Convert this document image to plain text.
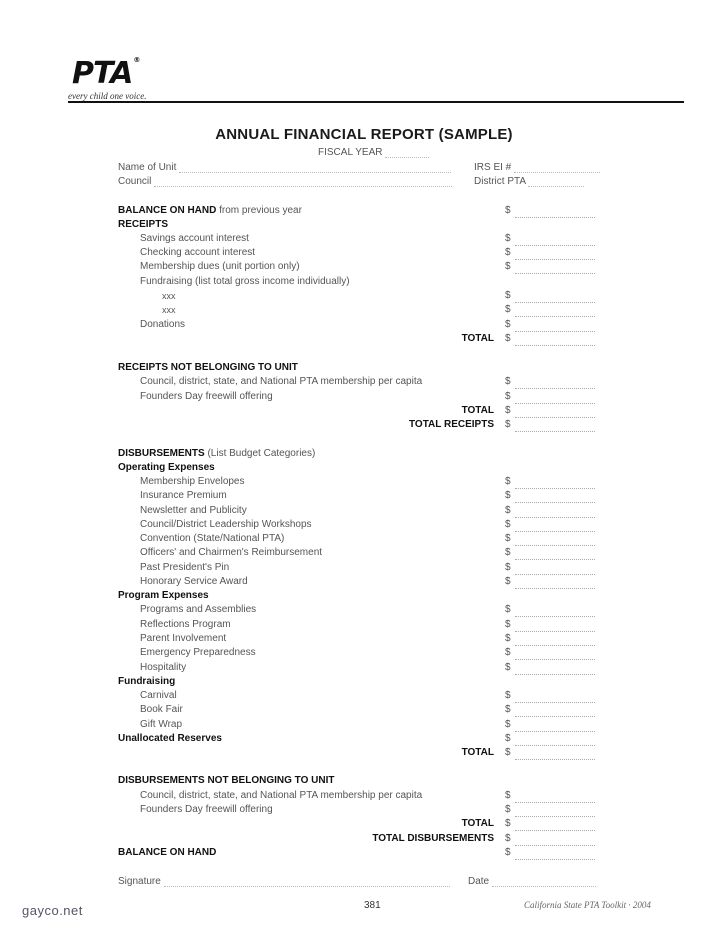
PTA®
every child one voice.
ANNUAL FINANCIAL REPORT (SAMPLE)
FISCAL YEAR
Name of Unit	IRS EI #
Council	District PTA
BALANCE ON HAND from previous year	$
RECEIPTS
Savings account interest	$
Checking account interest	$
Membership dues (unit portion only)	$
Fundraising (list total gross income individually)
xxx	$
xxx	$
Donations	$
TOTAL $
RECEIPTS NOT BELONGING TO UNIT
Council, district, state, and National PTA membership per capita	$
Founders Day freewill offering	$
TOTAL $
TOTAL RECEIPTS $
DISBURSEMENTS (List Budget Categories)
Operating Expenses
Membership Envelopes	$
Insurance Premium	$
Newsletter and Publicity	$
Council/District Leadership Workshops	$
Convention (State/National PTA)	$
Officers' and Chairmen's Reimbursement	$
Past President's Pin	$
Honorary Service Award	$
Program Expenses
Programs and Assemblies	$
Reflections Program	$
Parent Involvement	$
Emergency Preparedness	$
Hospitality	$
Fundraising
Carnival	$
Book Fair	$
Gift Wrap	$
Unallocated Reserves	$
TOTAL $
DISBURSEMENTS NOT BELONGING TO UNIT
Council, district, state, and National PTA membership per capita	$
Founders Day freewill offering	$
TOTAL $
TOTAL DISBURSEMENTS $
BALANCE ON HAND	$
Signature	Date
gayco.net	381	California State PTA Toolkit · 2004
